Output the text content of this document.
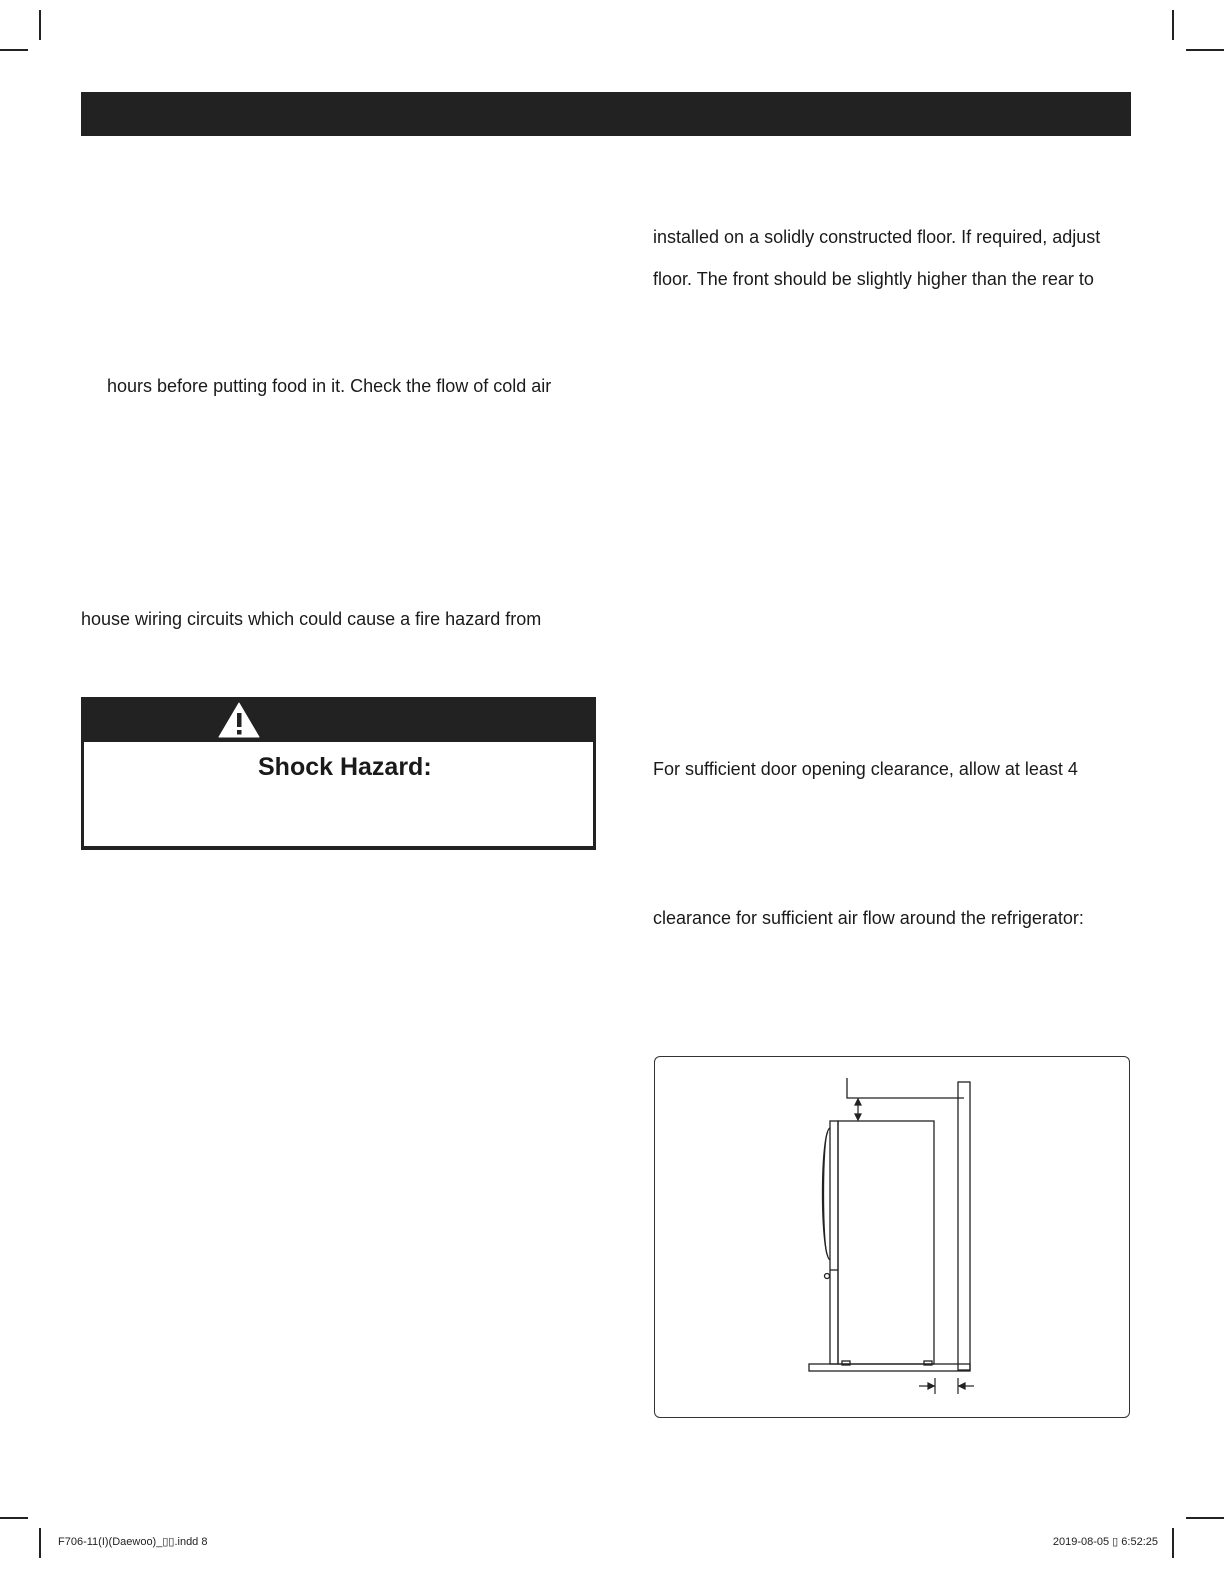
installed on a solidly constructed floor. If required, adjust
floor. The front should be slightly higher than the rear to
hours before putting food in it. Check the flow of cold air
house wiring circuits which could cause a fire hazard from
For sufficient door opening clearance, allow at least 4
clearance for sufficient air flow around the refrigerator:
Shock Hazard:
F706-11(I)(Daewoo)_▯▯.indd 8	2019-08-05 ▯ 6:52:25
